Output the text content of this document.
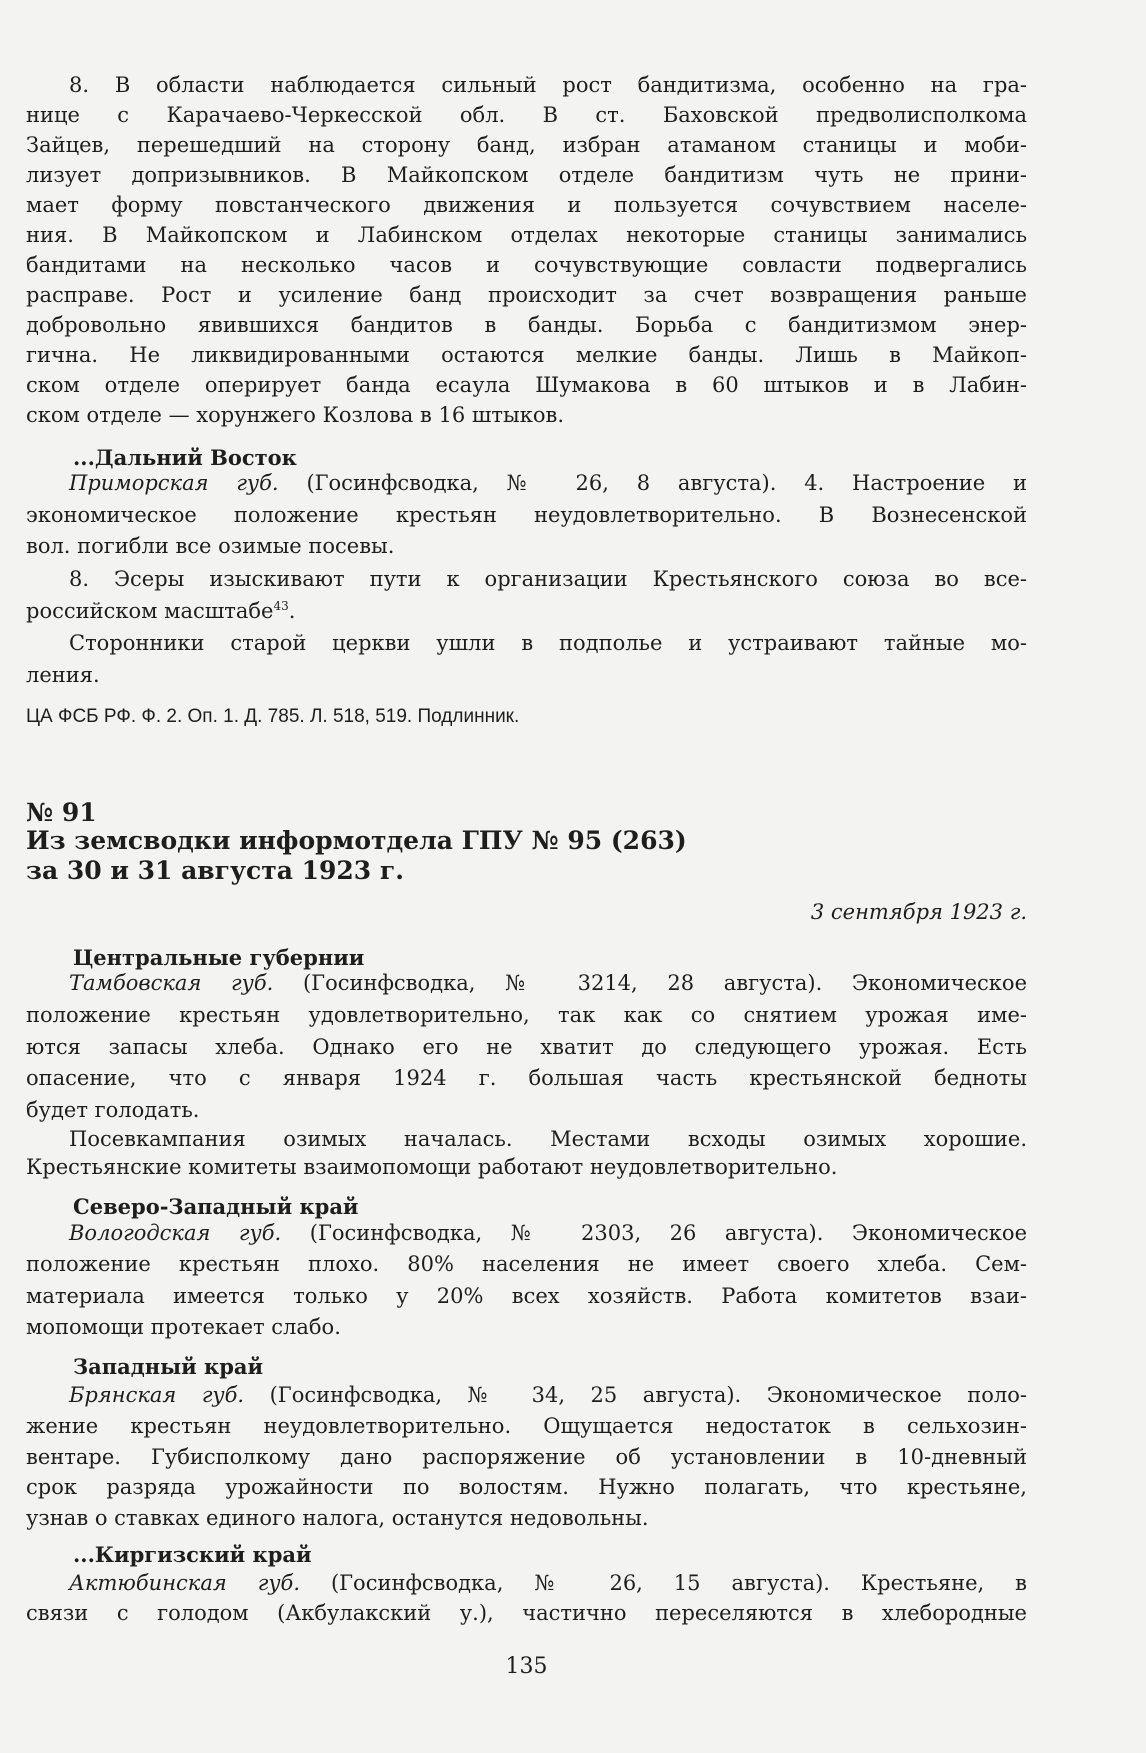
8. В области наблюдается сильный рост бандитизма, особенно на гра-
нице с Карачаево-Черкесской обл. В ст. Баховской предволисполкома
Зайцев, перешедший на сторону банд, избран атаманом станицы и моби-
лизует допризывников. В Майкопском отделе бандитизм чуть не прини-
мает форму повстанческого движения и пользуется сочувствием населе-
ния. В Майкопском и Лабинском отделах некоторые станицы занимались
бандитами на несколько часов и сочувствующие совласти подвергались
расправе. Рост и усиление банд происходит за счет возвращения раньше
добровольно явившихся бандитов в банды. Борьба с бандитизмом энер-
гична. Не ликвидированными остаются мелкие банды. Лишь в Майкоп-
ском отделе оперирует банда есаула Шумакова в 60 штыков и в Лабин-
ском отделе — хорунжего Козлова в 16 штыков.
...Дальний Восток
Приморская губ. (Госинфсводка, № 26, 8 августа). 4. Настроение и
экономическое положение крестьян неудовлетворительно. В Вознесенской
вол. погибли все озимые посевы.
8. Эсеры изыскивают пути к организации Крестьянского союза во все-
российском масштабе$^{43}$.
Сторонники старой церкви ушли в подполье и устраивают тайные мо-
ления.
ЦА ФСБ РФ. Ф. 2. Оп. 1. Д. 785. Л. 518, 519. Подлинник.
№ 91
Из земсводки информотдела ГПУ № 95 (263)
за 30 и 31 августа 1923 г.
3 сентября 1923 г.
Центральные губернии
Тамбовская губ. (Госинфсводка, № 3214, 28 августа). Экономическое
положение крестьян удовлетворительно, так как со снятием урожая име-
ются запасы хлеба. Однако его не хватит до следующего урожая. Есть
опасение, что с января 1924 г. большая часть крестьянской бедноты
будет голодать.
Посевкампания озимых началась. Местами всходы озимых хорошие.
Крестьянские комитеты взаимопомощи работают неудовлетворительно.
Северо-Западный край
Вологодская губ. (Госинфсводка, № 2303, 26 августа). Экономическое
положение крестьян плохо. 80% населения не имеет своего хлеба. Сем-
материала имеется только у 20% всех хозяйств. Работа комитетов взаи-
мопомощи протекает слабо.
Западный край
Брянская губ. (Госинфсводка, № 34, 25 августа). Экономическое поло-
жение крестьян неудовлетворительно. Ощущается недостаток в сельхозин-
вентаре. Губисполкому дано распоряжение об установлении в 10-дневный
срок разряда урожайности по волостям. Нужно полагать, что крестьяне,
узнав о ставках единого налога, останутся недовольны.
...Киргизский край
Актюбинская губ. (Госинфсводка, № 26, 15 августа). Крестьяне, в
связи с голодом (Акбулакский у.), частично переселяются в хлебородные
135
